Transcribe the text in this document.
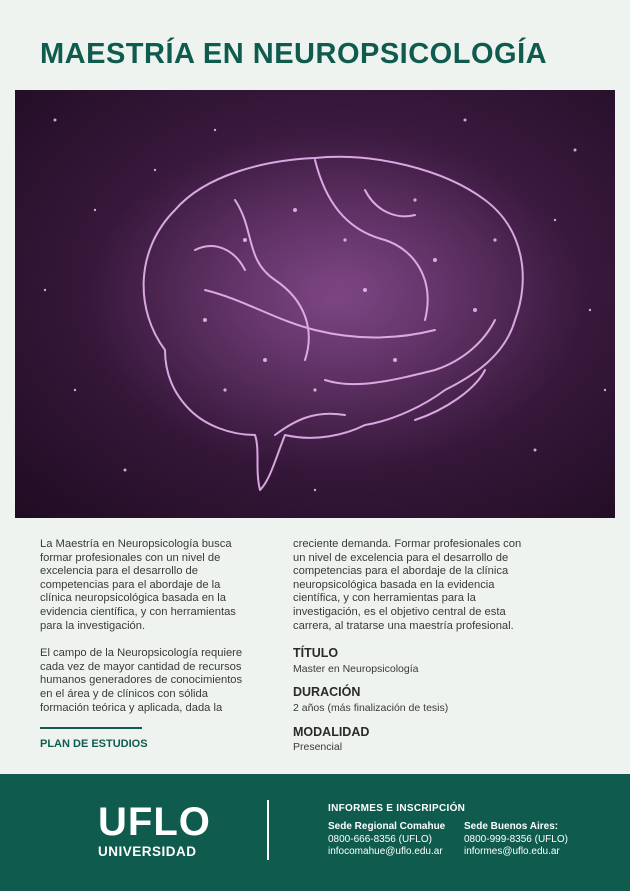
MAESTRÍA EN NEUROPSICOLOGÍA

La Maestría en Neuropsicología busca formar profesionales con un nivel de excelencia para el desarrollo de competencias para el abordaje de la clínica neuropsicológica basada en la evidencia científica, y con herramientas para la investigación.

El campo de la Neuropsicología requiere cada vez de mayor cantidad de recursos humanos generadores de conocimientos en el área y de clínicos con sólida formación teórica y aplicada, dada la

creciente demanda. Formar profesionales con un nivel de excelencia para el desarrollo de competencias para el abordaje de la clínica neuropsicológica basada en la evidencia científica, y con herramientas para la investigación, es el objetivo central de esta carrera, al tratarse una maestría profesional.

TÍTULO
Master en Neuropsicología
DURACIÓN
2 años (más finalización de tesis)
MODALIDAD
Presencial
PLAN DE ESTUDIOS
UFLO
UNIVERSIDAD
INFORMES E INSCRIPCIÓN
Sede Regional Comahue
0800-666-8356 (UFLO)
infocomahue@uflo.edu.ar
Sede Buenos Aires:
0800-999-8356 (UFLO)
informes@uflo.edu.ar
